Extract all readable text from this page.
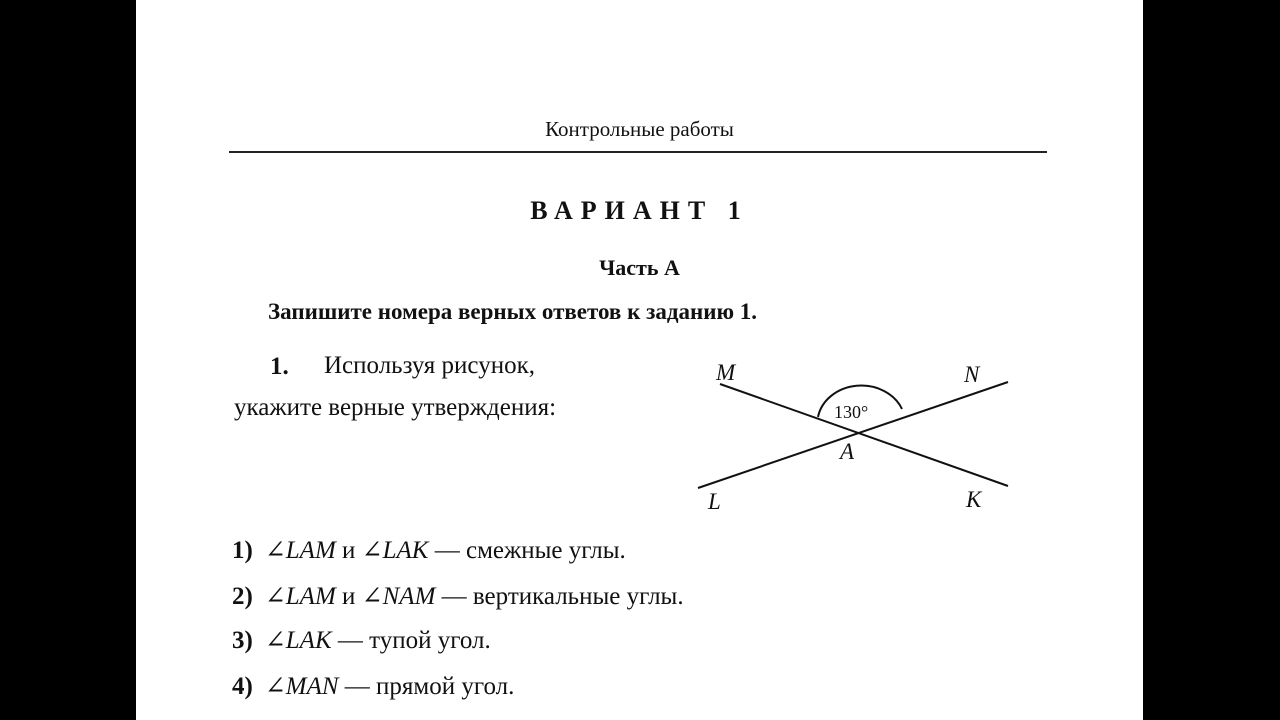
Контрольные работы
ВАРИАНТ 1
Часть А
Запишите номера верных ответов к заданию 1.
1. Используя рисунок,
укажите верные утверждения:	130°
M	N
A
L	K
1) ∠LAM и ∠LAK — смежные углы.
2) ∠LAM и ∠NAM — вертикальные углы.
3) ∠LAK — тупой угол.
4) ∠MAN — прямой угол.
